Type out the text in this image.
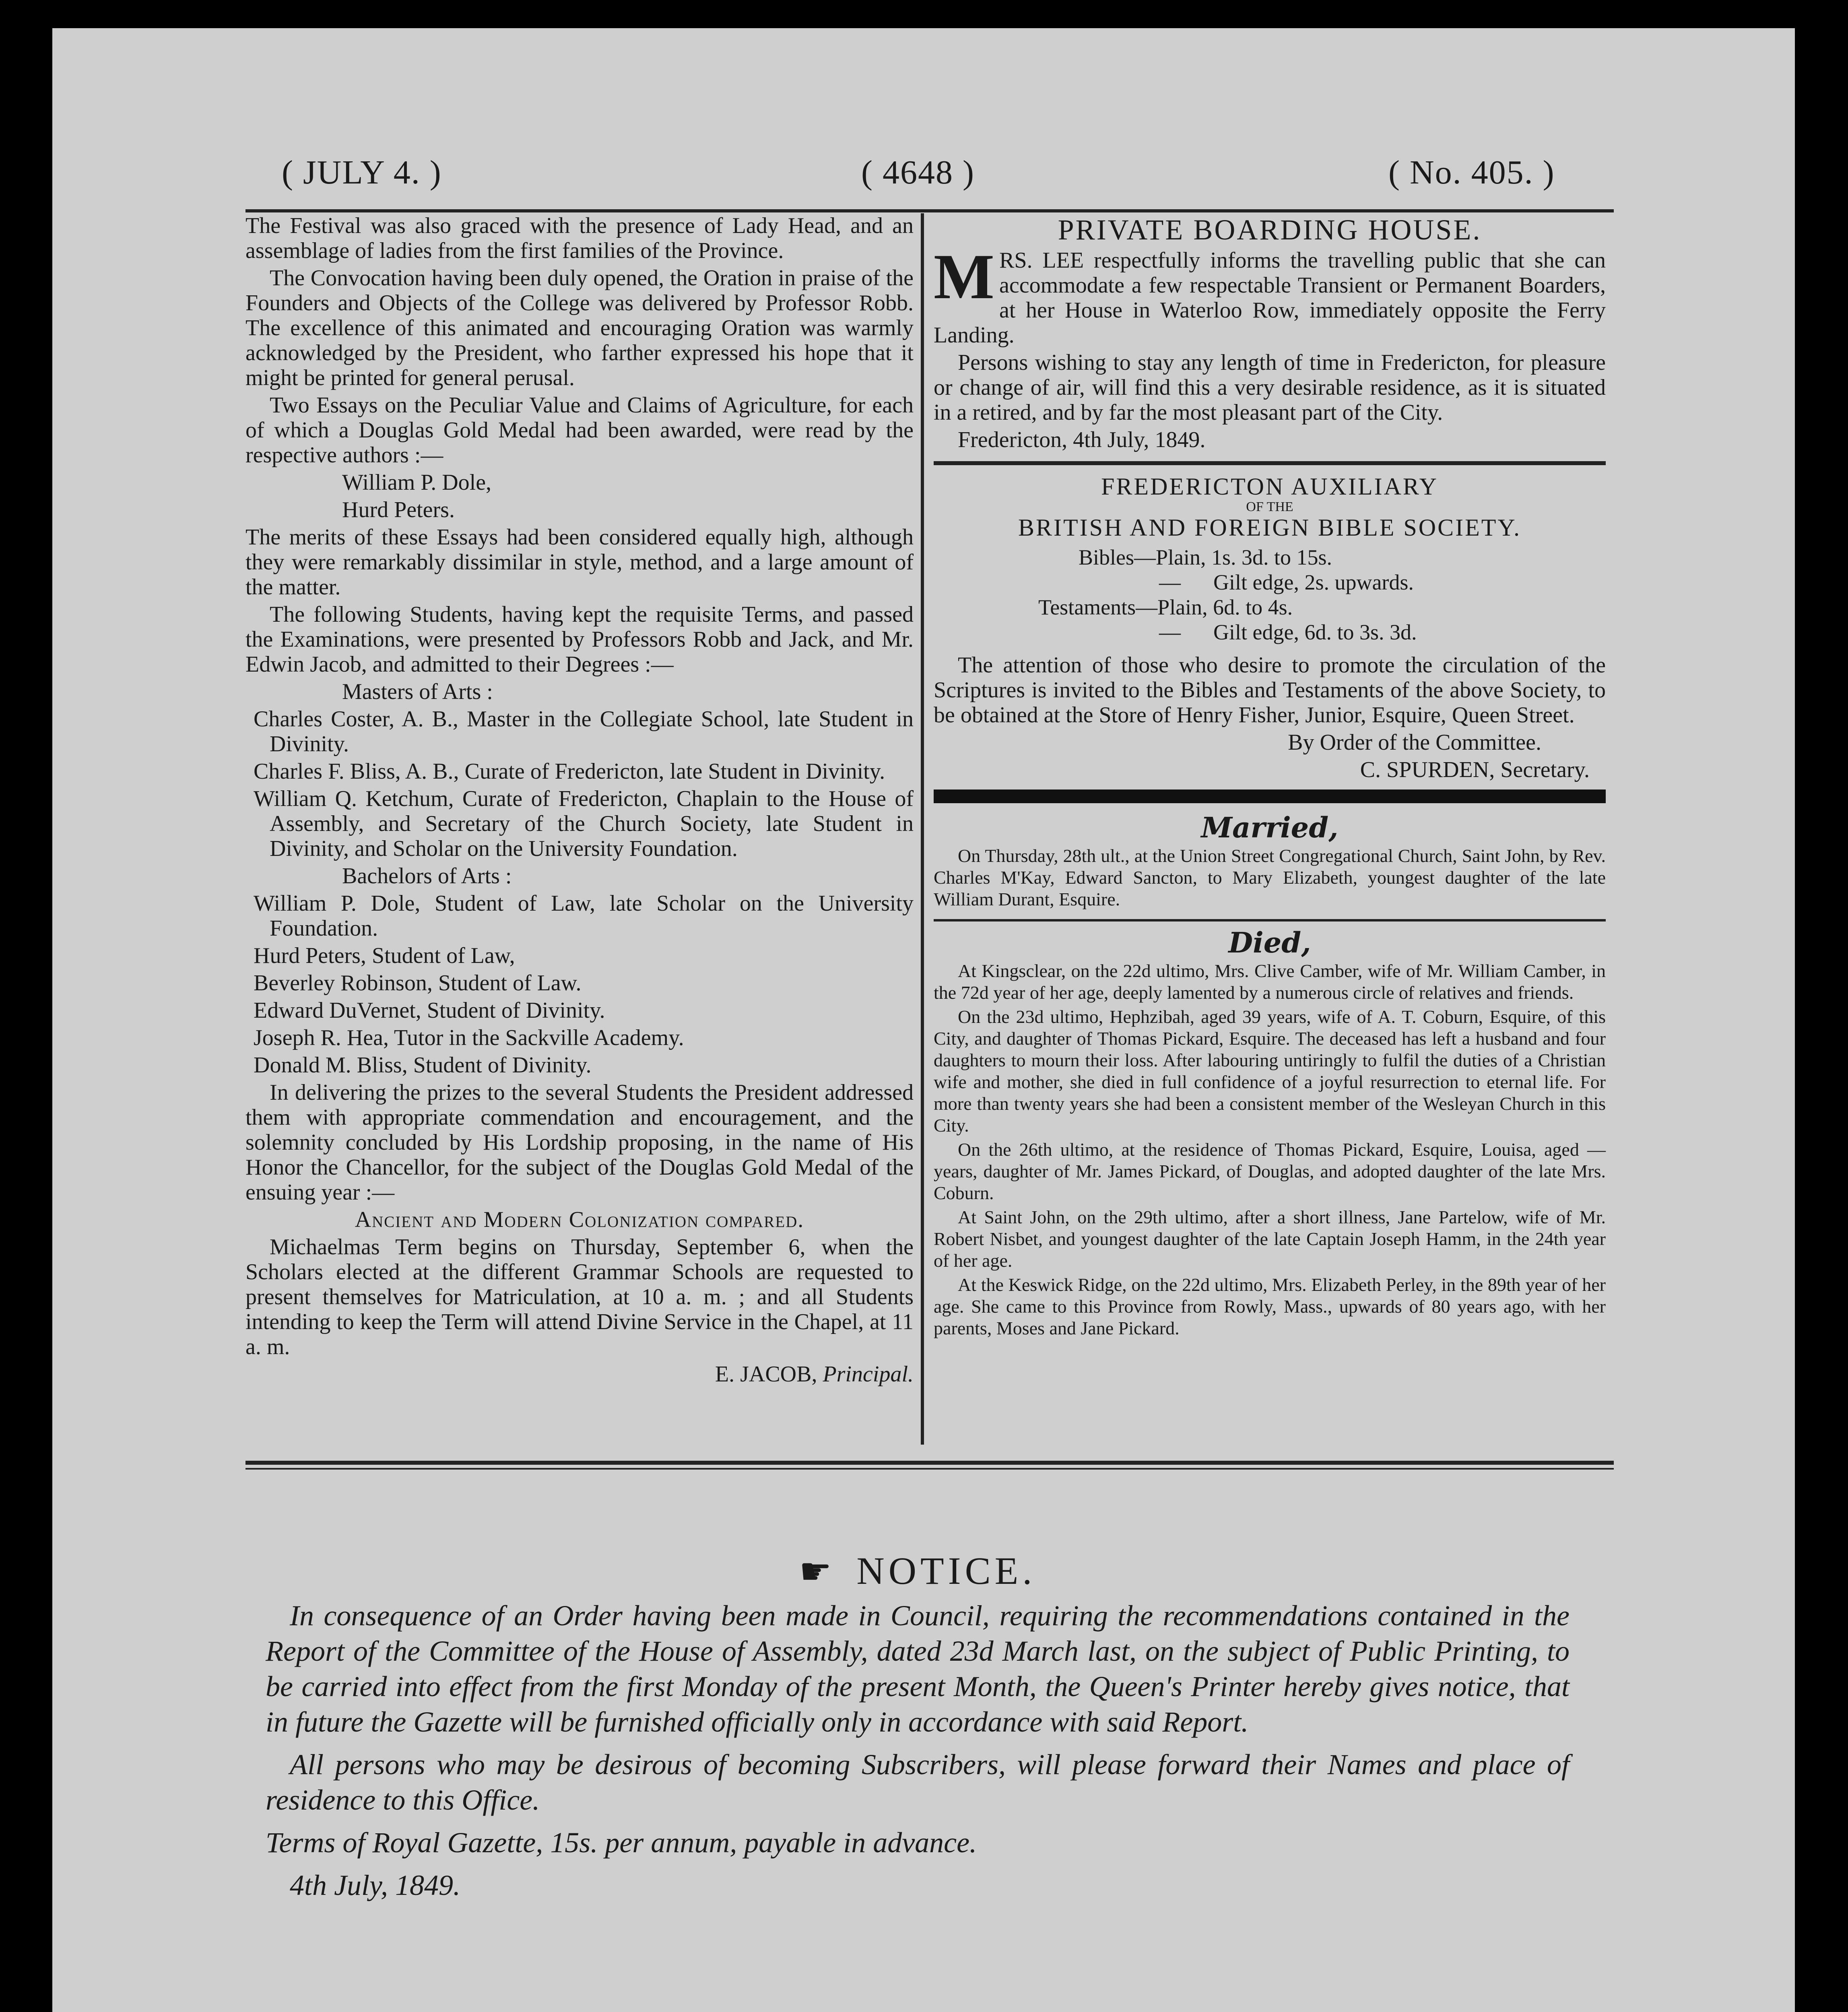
( JULY 4. )	( 4648 )	( No. 405. )

The Festival was also graced with the presence of Lady Head, and an assemblage of ladies from the first families of the Province.

The Convocation having been duly opened, the Oration in praise of the Founders and Objects of the College was delivered by Professor Robb. The excellence of this animated and encouraging Oration was warmly acknowledged by the President, who farther expressed his hope that it might be printed for general perusal.

Two Essays on the Peculiar Value and Claims of Agriculture, for each of which a Douglas Gold Medal had been awarded, were read by the respective authors :—

William P. Dole,

Hurd Peters.

The merits of these Essays had been considered equally high, although they were remarkably dissimilar in style, method, and a large amount of the matter.

The following Students, having kept the requisite Terms, and passed the Examinations, were presented by Professors Robb and Jack, and Mr. Edwin Jacob, and admitted to their Degrees :—

Masters of Arts :

Charles Coster, A. B., Master in the Collegiate School, late Student in Divinity.

Charles F. Bliss, A. B., Curate of Fredericton, late Student in Divinity.

William Q. Ketchum, Curate of Fredericton, Chaplain to the House of Assembly, and Secretary of the Church Society, late Student in Divinity, and Scholar on the University Foundation.

Bachelors of Arts :

William P. Dole, Student of Law, late Scholar on the University Foundation.

Hurd Peters, Student of Law,

Beverley Robinson, Student of Law.

Edward DuVernet, Student of Divinity.

Joseph R. Hea, Tutor in the Sackville Academy.

Donald M. Bliss, Student of Divinity.

In delivering the prizes to the several Students the President addressed them with appropriate commendation and encouragement, and the solemnity concluded by His Lordship proposing, in the name of His Honor the Chancellor, for the subject of the Douglas Gold Medal of the ensuing year :—

Ancient and Modern Colonization compared.

Michaelmas Term begins on Thursday, September 6, when the Scholars elected at the different Grammar Schools are requested to present themselves for Matriculation, at 10 a. m. ; and all Students intending to keep the Term will attend Divine Service in the Chapel, at 11 a. m.

E. JACOB, Principal.

PRIVATE BOARDING HOUSE.

M RS. LEE respectfully informs the travelling public that she can accommodate a few respectable Transient or Permanent Boarders, at her House in Waterloo Row, immediately opposite the Ferry Landing.

Persons wishing to stay any length of time in Fredericton, for pleasure or change of air, will find this a very desirable residence, as it is situated in a retired, and by far the most pleasant part of the City.

Fredericton, 4th July, 1849.

FREDERICTON AUXILIARY
OF THE
BRITISH AND FOREIGN BIBLE SOCIETY.
Bibles—Plain, 1s. 3d. to 15s.
—      Gilt edge, 2s. upwards.
Testaments—Plain, 6d. to 4s.
—      Gilt edge, 6d. to 3s. 3d.

The attention of those who desire to promote the circulation of the Scriptures is invited to the Bibles and Testaments of the above Society, to be obtained at the Store of Henry Fisher, Junior, Esquire, Queen Street.

By Order of the Committee.

C. SPURDEN, Secretary.

Married,

On Thursday, 28th ult., at the Union Street Congregational Church, Saint John, by Rev. Charles M'Kay, Edward Sancton, to Mary Elizabeth, youngest daughter of the late William Durant, Esquire.

Died,

At Kingsclear, on the 22d ultimo, Mrs. Clive Camber, wife of Mr. William Camber, in the 72d year of her age, deeply lamented by a numerous circle of relatives and friends.

On the 23d ultimo, Hephzibah, aged 39 years, wife of A. T. Coburn, Esquire, of this City, and daughter of Thomas Pickard, Esquire. The deceased has left a husband and four daughters to mourn their loss. After labouring untiringly to fulfil the duties of a Christian wife and mother, she died in full confidence of a joyful resurrection to eternal life. For more than twenty years she had been a consistent member of the Wesleyan Church in this City.

On the 26th ultimo, at the residence of Thomas Pickard, Esquire, Louisa, aged — years, daughter of Mr. James Pickard, of Douglas, and adopted daughter of the late Mrs. Coburn.

At Saint John, on the 29th ultimo, after a short illness, Jane Partelow, wife of Mr. Robert Nisbet, and youngest daughter of the late Captain Joseph Hamm, in the 24th year of her age.

At the Keswick Ridge, on the 22d ultimo, Mrs. Elizabeth Perley, in the 89th year of her age. She came to this Province from Rowly, Mass., upwards of 80 years ago, with her parents, Moses and Jane Pickard.

☛ NOTICE.

In consequence of an Order having been made in Council, requiring the recommendations contained in the Report of the Committee of the House of Assembly, dated 23d March last, on the subject of Public Printing, to be carried into effect from the first Monday of the present Month, the Queen's Printer hereby gives notice, that in future the Gazette will be furnished officially only in accordance with said Report.

All persons who may be desirous of becoming Subscribers, will please forward their Names and place of residence to this Office.

Terms of Royal Gazette, 15s. per annum, payable in advance.

4th July, 1849.
